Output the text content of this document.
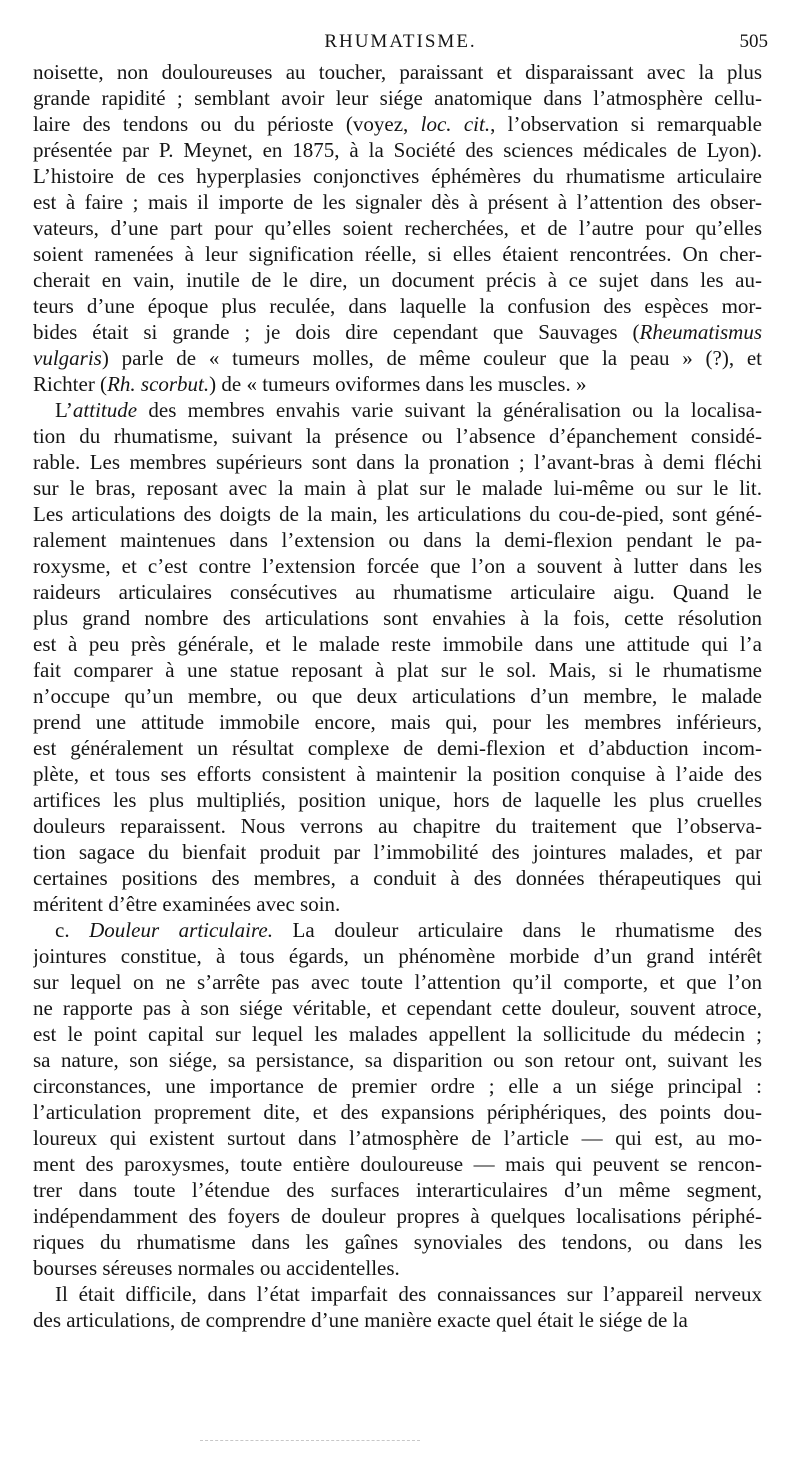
RHUMATISME.	505
noisette, non douloureuses au toucher, paraissant et disparaissant avec la plus
grande rapidité ; semblant avoir leur siége anatomique dans l’atmosphère cellu-
laire des tendons ou du périoste (voyez, loc. cit., l’observation si remarquable
présentée par P. Meynet, en 1875, à la Société des sciences médicales de Lyon).
L’histoire de ces hyperplasies conjonctives éphémères du rhumatisme articulaire
est à faire ; mais il importe de les signaler dès à présent à l’attention des obser-
vateurs, d’une part pour qu’elles soient recherchées, et de l’autre pour qu’elles
soient ramenées à leur signification réelle, si elles étaient rencontrées. On cher-
cherait en vain, inutile de le dire, un document précis à ce sujet dans les au-
teurs d’une époque plus reculée, dans laquelle la confusion des espèces mor-
bides était si grande ; je dois dire cependant que Sauvages (Rheumatismus
vulgaris) parle de « tumeurs molles, de même couleur que la peau » (?), et
Richter (Rh. scorbut.) de « tumeurs oviformes dans les muscles. »
L’attitude des membres envahis varie suivant la généralisation ou la localisa-
tion du rhumatisme, suivant la présence ou l’absence d’épanchement considé-
rable. Les membres supérieurs sont dans la pronation ; l’avant-bras à demi fléchi
sur le bras, reposant avec la main à plat sur le malade lui-même ou sur le lit.
Les articulations des doigts de la main, les articulations du cou-de-pied, sont géné-
ralement maintenues dans l’extension ou dans la demi-flexion pendant le pa-
roxysme, et c’est contre l’extension forcée que l’on a souvent à lutter dans les
raideurs articulaires consécutives au rhumatisme articulaire aigu. Quand le
plus grand nombre des articulations sont envahies à la fois, cette résolution
est à peu près générale, et le malade reste immobile dans une attitude qui l’a
fait comparer à une statue reposant à plat sur le sol. Mais, si le rhumatisme
n’occupe qu’un membre, ou que deux articulations d’un membre, le malade
prend une attitude immobile encore, mais qui, pour les membres inférieurs,
est généralement un résultat complexe de demi-flexion et d’abduction incom-
plète, et tous ses efforts consistent à maintenir la position conquise à l’aide des
artifices les plus multipliés, position unique, hors de laquelle les plus cruelles
douleurs reparaissent. Nous verrons au chapitre du traitement que l’observa-
tion sagace du bienfait produit par l’immobilité des jointures malades, et par
certaines positions des membres, a conduit à des données thérapeutiques qui
méritent d’être examinées avec soin.
c. Douleur articulaire. La douleur articulaire dans le rhumatisme des
jointures constitue, à tous égards, un phénomène morbide d’un grand intérêt
sur lequel on ne s’arrête pas avec toute l’attention qu’il comporte, et que l’on
ne rapporte pas à son siége véritable, et cependant cette douleur, souvent atroce,
est le point capital sur lequel les malades appellent la sollicitude du médecin ;
sa nature, son siége, sa persistance, sa disparition ou son retour ont, suivant les
circonstances, une importance de premier ordre ; elle a un siége principal :
l’articulation proprement dite, et des expansions périphériques, des points dou-
loureux qui existent surtout dans l’atmosphère de l’article — qui est, au mo-
ment des paroxysmes, toute entière douloureuse — mais qui peuvent se rencon-
trer dans toute l’étendue des surfaces interarticulaires d’un même segment,
indépendamment des foyers de douleur propres à quelques localisations périphé-
riques du rhumatisme dans les gaînes synoviales des tendons, ou dans les
bourses séreuses normales ou accidentelles.
Il était difficile, dans l’état imparfait des connaissances sur l’appareil nerveux
des articulations, de comprendre d’une manière exacte quel était le siége de la
